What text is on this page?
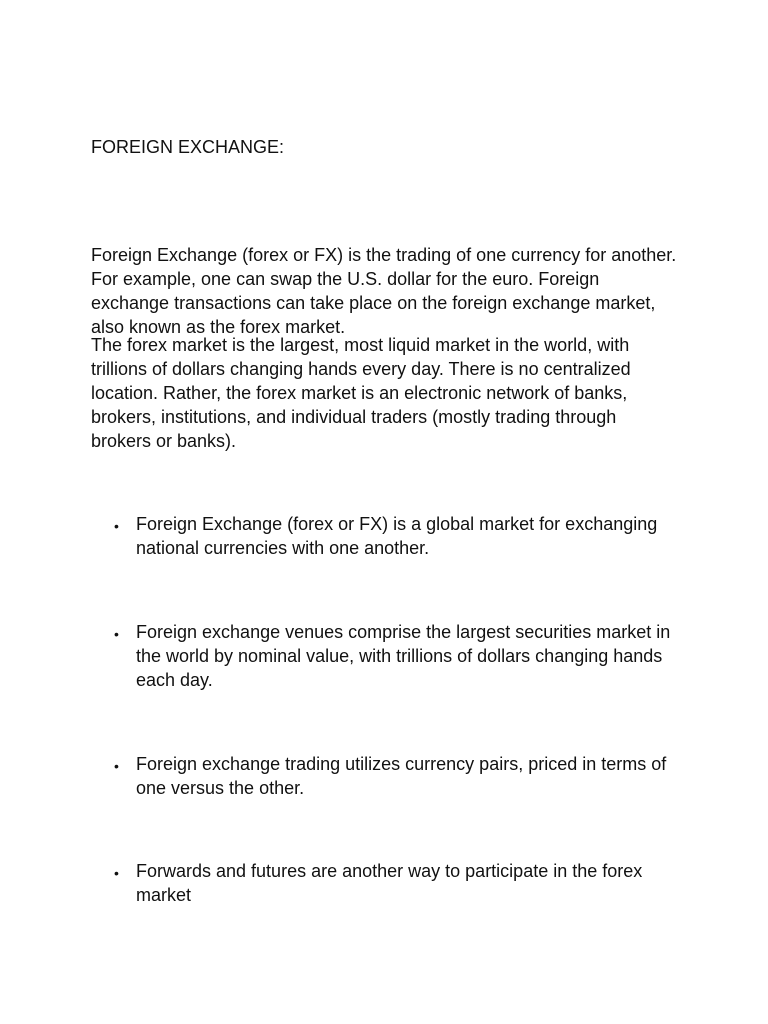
FOREIGN EXCHANGE:

Foreign Exchange (forex or FX) is the trading of one currency for another. For example, one can swap the U.S. dollar for the euro. Foreign exchange transactions can take place on the foreign exchange market, also known as the forex market.

The forex market is the largest, most liquid market in the world, with trillions of dollars changing hands every day. There is no centralized location. Rather, the forex market is an electronic network of banks, brokers, institutions, and individual traders (mostly trading through brokers or banks).

• Foreign Exchange (forex or FX) is a global market for exchanging national currencies with one another.
• Foreign exchange venues comprise the largest securities market in the world by nominal value, with trillions of dollars changing hands each day.
• Foreign exchange trading utilizes currency pairs, priced in terms of one versus the other.
• Forwards and futures are another way to participate in the forex market
